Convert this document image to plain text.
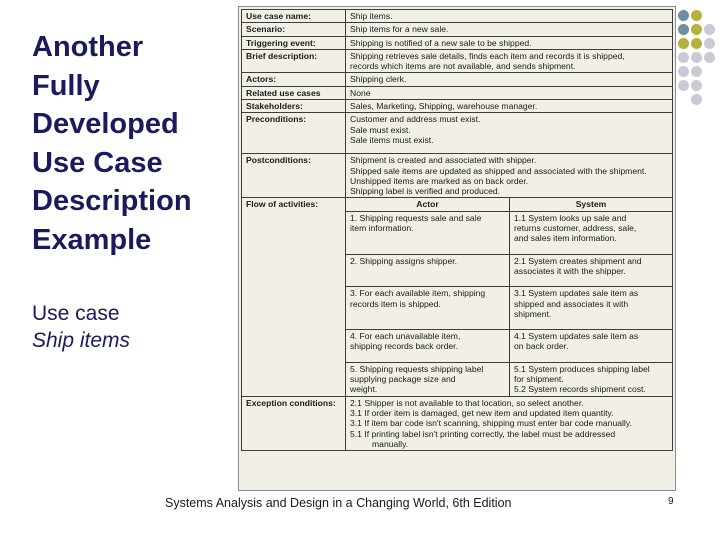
Another
Fully
Developed
Use Case
Description
Example
Use case
Ship items
Use case name:	Ship items.	
Scenario:	Ship items for a new sale.	
Triggering event:	Shipping is notified of a new sale to be shipped.	
Brief description:	Shipping retrieves sale details, finds each item and records it is shipped,
records which items are not available, and sends shipment.	

Actors:	Shipping clerk.	
Related use cases	None	
Stakeholders:	Sales, Marketing, Shipping, warehouse manager.	
Preconditions:	Customer and address must exist.
Sale must exist.
Sale items must exist.	

Postconditions:	Shipment is created and associated with shipper.
Shipped sale items are updated as shipped and associated with the shipment.
Unshipped items are marked as on back order.
Shipping label is verified and produced.	

Flow of activities:	Actor	System

	1. Shipping requests sale and sale
item information.	1.1 System looks up sale and
returns customer, address, sale,
and sales item information.

	2. Shipping assigns shipper.	2.1 System creates shipment and
associates it with the shipper.

	3. For each available item, shipping
records item is shipped.	3.1 System updates sale item as
shipped and associates it with
shipment.

	4. For each unavailable item,
shipping records back order.	4.1 System updates sale item as
on back order.

	5. Shipping requests shipping label
supplying package size and
weight.	5.1 System produces shipping label
for shipment.
5.2 System records shipment cost.

Exception conditions:	2.1 Shipper is not available to that location, so select another.
3.1 If order item is damaged, get new item and updated item quantity.
3.1 If item bar code isn't scanning, shipping must enter bar code manually.
5.1 If printing label isn't printing correctly, the label must be addressed
manually.	
Systems Analysis and Design in a Changing World, 6th Edition	9
